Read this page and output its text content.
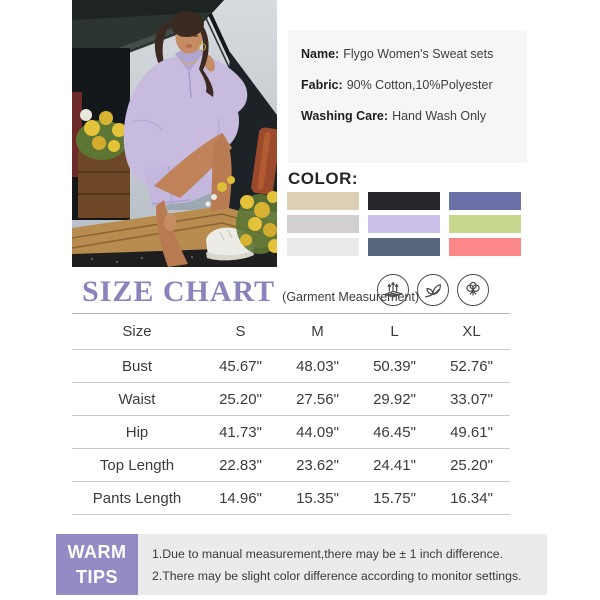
Name: Flygo Women's Sweat sets
Fabric: 90% Cotton,10%Polyester
Washing Care: Hand Wash Only
COLOR:
SIZE CHART (Garment Measurement)
Size	S	M	L	XL
Bust	45.67"	48.03"	50.39"	52.76"
Waist	25.20"	27.56"	29.92"	33.07"
Hip	41.73"	44.09"	46.45"	49.61"
Top Length	22.83"	23.62"	24.41"	25.20"
Pants Length	14.96"	15.35"	15.75"	16.34"
WARM
TIPS
1.Due to manual measurement,there may be ± 1 inch difference.
2.There may be slight color difference according to monitor settings.
